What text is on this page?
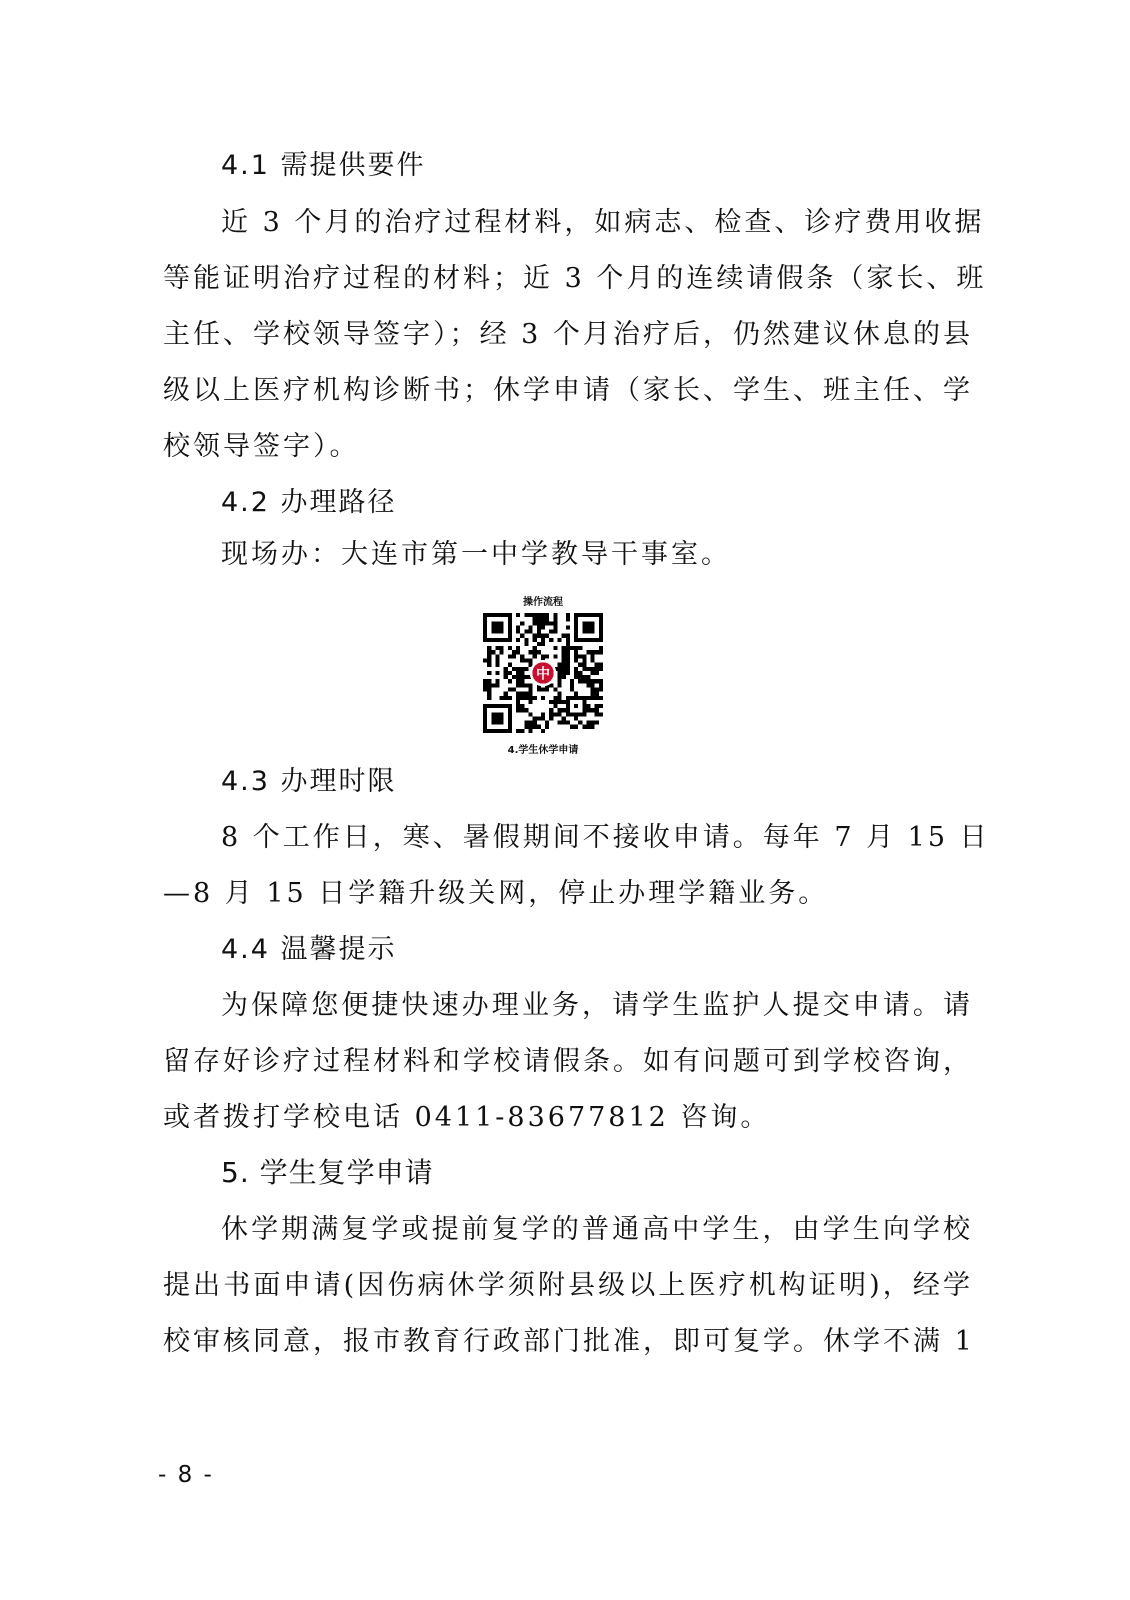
4.1 需提供要件
近 3 个月的治疗过程材料，如病志、检查、诊疗费用收据
等能证明治疗过程的材料；近 3 个月的连续请假条（家长、班
主任、学校领导签字）；经 3 个月治疗后，仍然建议休息的县
级以上医疗机构诊断书；休学申请（家长、学生、班主任、学
校领导签字）。
4.2 办理路径
现场办：大连市第一中学教导干事室。
操作流程
中
4.学生休学申请
4.3 办理时限
8 个工作日，寒、暑假期间不接收申请。每年 7 月 15 日
—8 月 15 日学籍升级关网，停止办理学籍业务。
4.4 温馨提示
为保障您便捷快速办理业务，请学生监护人提交申请。请
留存好诊疗过程材料和学校请假条。如有问题可到学校咨询，
或者拨打学校电话 0411-83677812 咨询。
5. 学生复学申请
休学期满复学或提前复学的普通高中学生，由学生向学校
提出书面申请(因伤病休学须附县级以上医疗机构证明)，经学
校审核同意，报市教育行政部门批准，即可复学。休学不满 1
- 8 -
